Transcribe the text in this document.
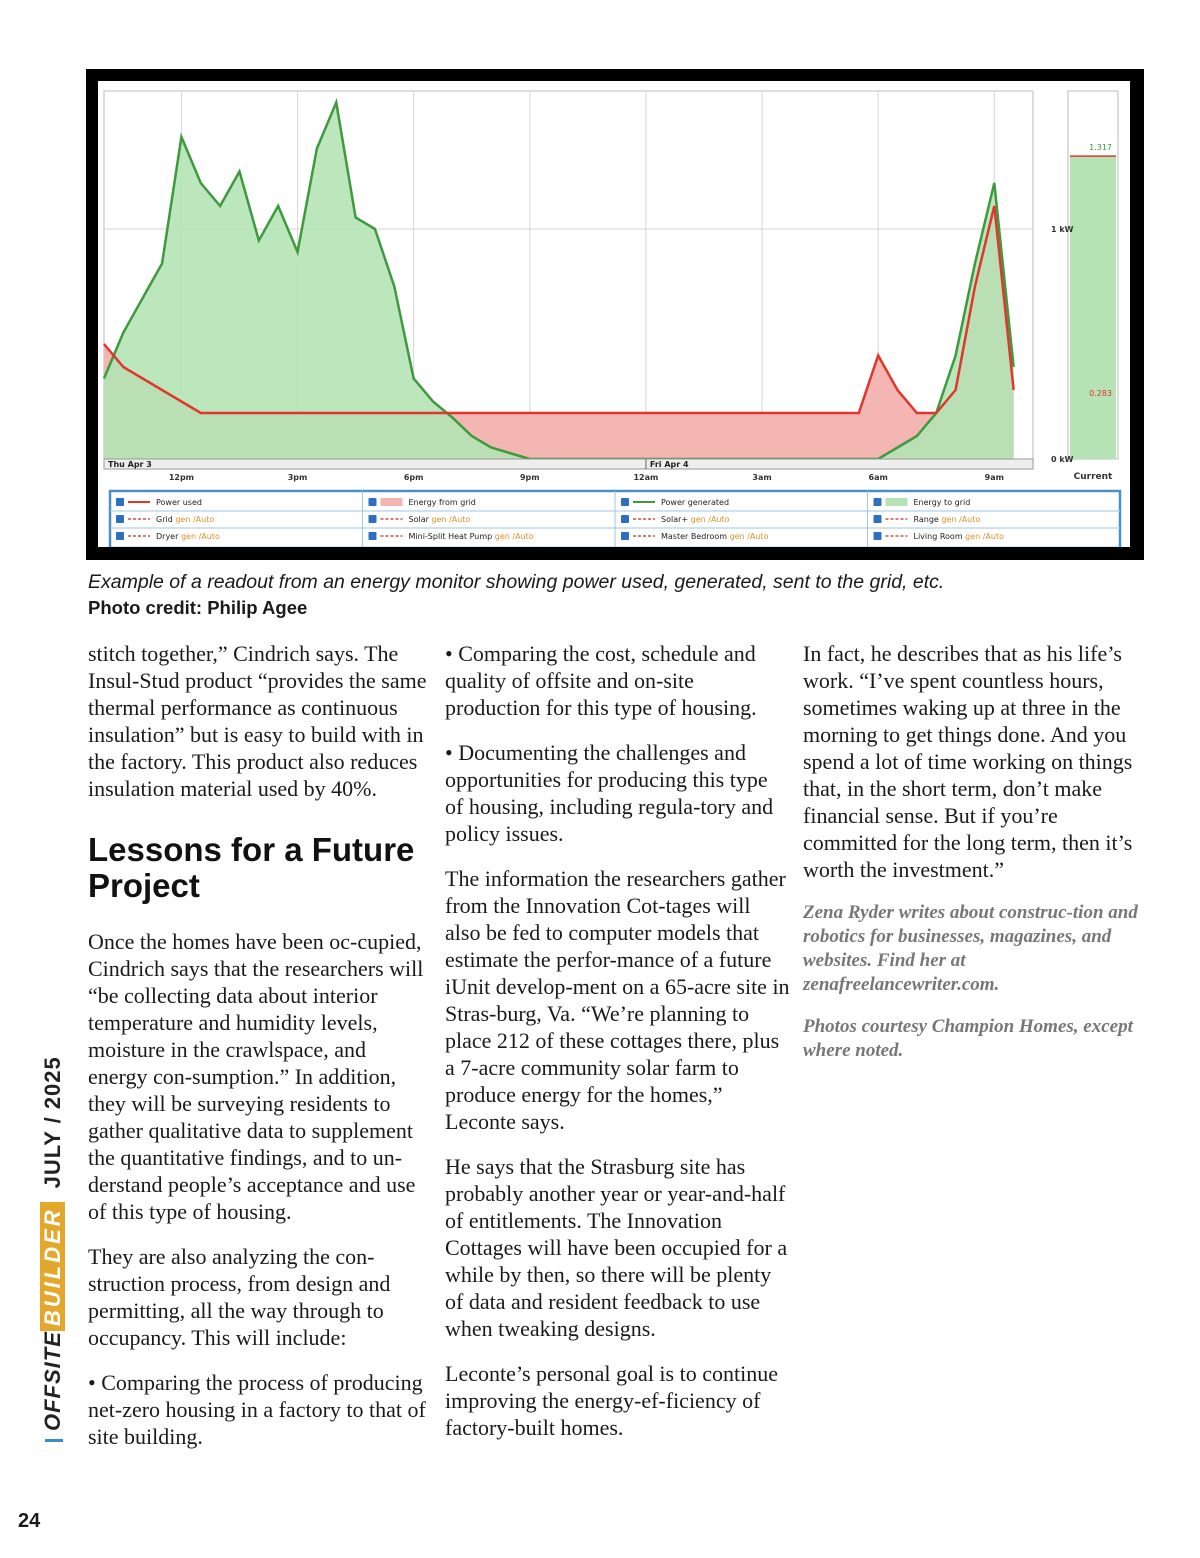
1.317
0.283
Current
1 kW
0 kW
Thu Apr 3	Fri Apr 4
12pm	3pm	6pm	9pm	12am	3am	6am	9am
Power used	Energy from grid	Power generated	Energy to grid
Grid gen /Auto	Solar gen /Auto	Solar+ gen /Auto	Range gen /Auto
Dryer gen /Auto	Mini-Split Heat Pump gen /Auto	Master Bedroom gen /Auto	Living Room gen /Auto

Example of a readout from an energy monitor showing power used, generated, sent to the grid, etc.

Photo credit: Philip Agee

stitch together,” Cindrich says. The Insul-Stud product “provides the same thermal performance as continuous insulation” but is easy to build with in the factory. This product also reduces insulation material used by 40%.

Lessons for a Future Project

Once the homes have been oc-cupied, Cindrich says that the researchers will “be collecting data about interior temperature and humidity levels, moisture in the crawlspace, and energy con-sumption.” In addition, they will be surveying residents to gather qualitative data to supplement the quantitative findings, and to un-derstand people’s acceptance and use of this type of housing.

They are also analyzing the con-struction process, from design and permitting, all the way through to occupancy. This will include:

• Comparing the process of producing net-zero housing in a factory to that of site building.

• Comparing the cost, schedule and quality of offsite and on-site production for this type of housing.

• Documenting the challenges and opportunities for producing this type of housing, including regula-tory and policy issues.

The information the researchers gather from the Innovation Cot-tages will also be fed to computer models that estimate the perfor-mance of a future iUnit develop-ment on a 65-acre site in Stras-burg, Va. “We’re planning to place 212 of these cottages there, plus a 7-acre community solar farm to produce energy for the homes,” Leconte says.

He says that the Strasburg site has probably another year or year-and-half of entitlements. The Innovation Cottages will have been occupied for a while by then, so there will be plenty of data and resident feedback to use when tweaking designs.

Leconte’s personal goal is to continue improving the energy-ef-ficiency of factory-built homes.

In fact, he describes that as his life’s work. “I’ve spent countless hours, sometimes waking up at three in the morning to get things done. And you spend a lot of time working on things that, in the short term, don’t make financial sense. But if you’re committed for the long term, then it’s worth the investment.”

Zena Ryder writes about construc-tion and robotics for businesses, magazines, and websites. Find her at zenafreelancewriter.com.

Photos courtesy Champion Homes, except where noted.

OFFSITEBUILDERJULY / 2025
24
